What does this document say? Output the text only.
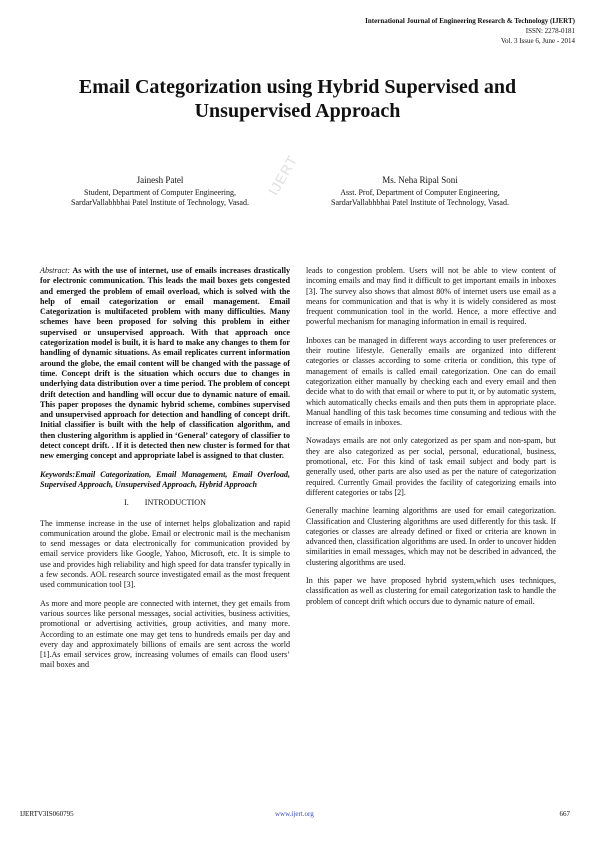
International Journal of Engineering Research & Technology (IJERT)
ISSN: 2278-0181
Vol. 3 Issue 6, June - 2014
IJERT
Email Categorization using Hybrid Supervised and Unsupervised Approach
Jainesh Patel
Student, Department of Computer Engineering,
SardarVallabhbhai Patel Institute of Technology, Vasad.
Ms. Neha Ripal Soni
Asst. Prof, Department of Computer Engineering,
SardarVallabhbhai Patel Institute of Technology, Vasad.

Abstract: As with the use of internet, use of emails increases drastically for electronic communication. This leads the mail boxes gets congested and emerged the problem of email overload, which is solved with the help of email categorization or email management. Email Categorization is multifaceted problem with many difficulties. Many schemes have been proposed for solving this problem in either supervised or unsupervised approach. With that approach once categorization model is built, it is hard to make any changes to them for handling of dynamic situations. As email replicates current information around the globe, the email content will be changed with the passage of time. Concept drift is the situation which occurs due to changes in underlying data distribution over a time period. The problem of concept drift detection and handling will occur due to dynamic nature of email. This paper proposes the dynamic hybrid scheme, combines supervised and unsupervised approach for detection and handling of concept drift. Initial classifier is built with the help of classification algorithm, and then clustering algorithm is applied in ‘General’ category of classifier to detect concept drift. . If it is detected then new cluster is formed for that new emerging concept and appropriate label is assigned to that cluster.

Keywords:Email Categorization, Email Management, Email Overload, Supervised Approach, Unsupervised Approach, Hybrid Approach

I. INTRODUCTION

The immense increase in the use of internet helps globalization and rapid communication around the globe. Email or electronic mail is the mechanism to send messages or data electronically for communication provided by email service providers like Google, Yahoo, Microsoft, etc. It is simple to use and provides high reliability and high speed for data transfer typically in a few seconds. AOL research source investigated email as the most frequent used communication tool [3].

As more and more people are connected with internet, they get emails from various sources like personal messages, social activities, business activities, promotional or advertising activities, group activities, and many more. According to an estimate one may get tens to hundreds emails per day and every day and approximately billions of emails are sent across the world [1].As email services grow, increasing volumes of emails can flood users’ mail boxes and

leads to congestion problem. Users will not be able to view content of incoming emails and may find it difficult to get important emails in inboxes [3]. The survey also shows that almost 80% of internet users use email as a means for communication and that is why it is widely considered as most frequent communication tool in the world. Hence, a more effective and powerful mechanism for managing information in email is required.

Inboxes can be managed in different ways according to user preferences or their routine lifestyle. Generally emails are organized into different categories or classes according to some criteria or condition, this type of management of emails is called email categorization. One can do email categorization either manually by checking each and every email and then decide what to do with that email or where to put it, or by automatic system, which automatically checks emails and then puts them in appropriate place. Manual handling of this task becomes time consuming and tedious with the increase of emails in inboxes.

Nowadays emails are not only categorized as per spam and non-spam, but they are also categorized as per social, personal, educational, business, promotional, etc. For this kind of task email subject and body part is generally used, other parts are also used as per the nature of categorization required. Currently Gmail provides the facility of categorizing emails into different categories or tabs [2].

Generally machine learning algorithms are used for email categorization. Classification and Clustering algorithms are used differently for this task. If categories or classes are already defined or fixed or criteria are known in advanced then, classification algorithms are used. In order to uncover hidden similarities in email messages, which may not be described in advanced, the clustering algorithms are used.

In this paper we have proposed hybrid system,which uses techniques, classification as well as clustering for email categorization task to handle the problem of concept drift which occurs due to dynamic nature of email.

IJERTV3IS060795	www.ijert.org	667
